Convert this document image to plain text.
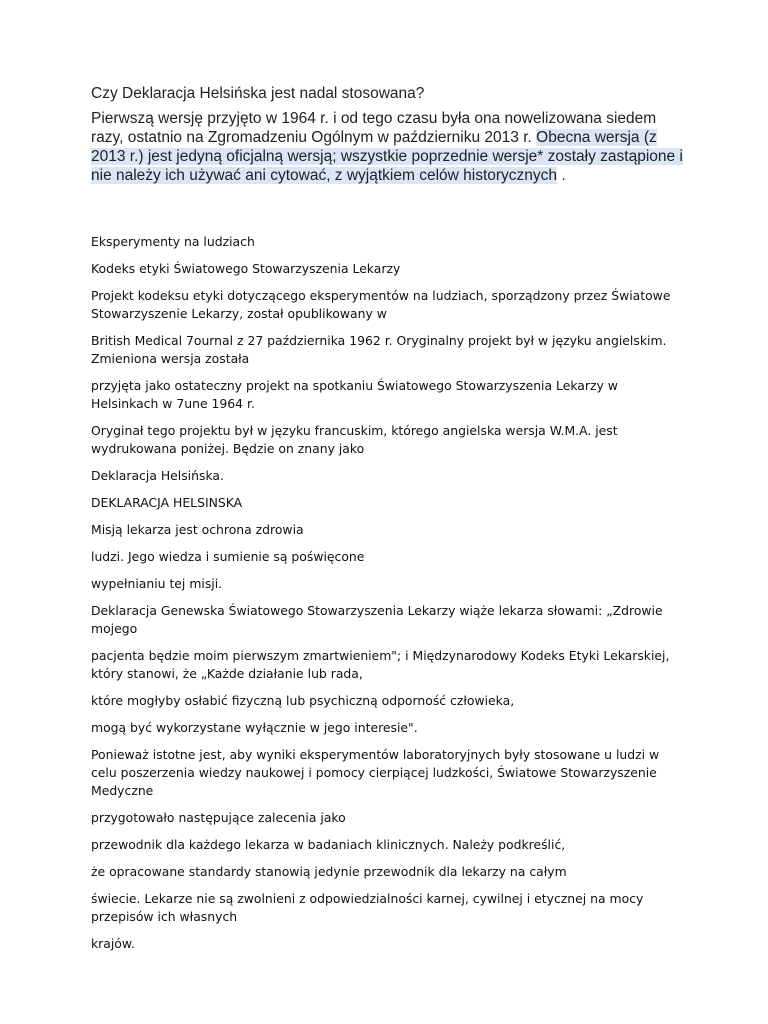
Czy Deklaracja Helsińska jest nadal stosowana?

Pierwszą wersję przyjęto w 1964 r. i od tego czasu była ona nowelizowana siedem razy, ostatnio na Zgromadzeniu Ogólnym w październiku 2013 r. Obecna wersja (z 2013 r.) jest jedyną oficjalną wersją; wszystkie poprzednie wersje* zostały zastąpione i nie należy ich używać ani cytować, z wyjątkiem celów historycznych .

Eksperymenty na ludziach

Kodeks etyki Światowego Stowarzyszenia Lekarzy

Projekt kodeksu etyki dotyczącego eksperymentów na ludziach, sporządzony przez Światowe Stowarzyszenie Lekarzy, został opublikowany w

British Medical 7ournal z 27 października 1962 r. Oryginalny projekt był w języku angielskim. Zmieniona wersja została

przyjęta jako ostateczny projekt na spotkaniu Światowego Stowarzyszenia Lekarzy w Helsinkach w 7une 1964 r.

Oryginał tego projektu był w języku francuskim, którego angielska wersja W.M.A. jest wydrukowana poniżej. Będzie on znany jako

Deklaracja Helsińska.

DEKLARACJA HELSINSKA

Misją lekarza jest ochrona zdrowia

ludzi. Jego wiedza i sumienie są poświęcone

wypełnianiu tej misji.

Deklaracja Genewska Światowego Stowarzyszenia Lekarzy wiąże lekarza słowami: „Zdrowie mojego

pacjenta będzie moim pierwszym zmartwieniem"; i Międzynarodowy Kodeks Etyki Lekarskiej, który stanowi, że „Każde działanie lub rada,

które mogłyby osłabić fizyczną lub psychiczną odporność człowieka,

mogą być wykorzystane wyłącznie w jego interesie".

Ponieważ istotne jest, aby wyniki eksperymentów laboratoryjnych były stosowane u ludzi w celu poszerzenia wiedzy naukowej i pomocy cierpiącej ludzkości, Światowe Stowarzyszenie Medyczne

przygotowało następujące zalecenia jako

przewodnik dla każdego lekarza w badaniach klinicznych. Należy podkreślić,

że opracowane standardy stanowią jedynie przewodnik dla lekarzy na całym

świecie. Lekarze nie są zwolnieni z odpowiedzialności karnej, cywilnej i etycznej na mocy przepisów ich własnych

krajów.
